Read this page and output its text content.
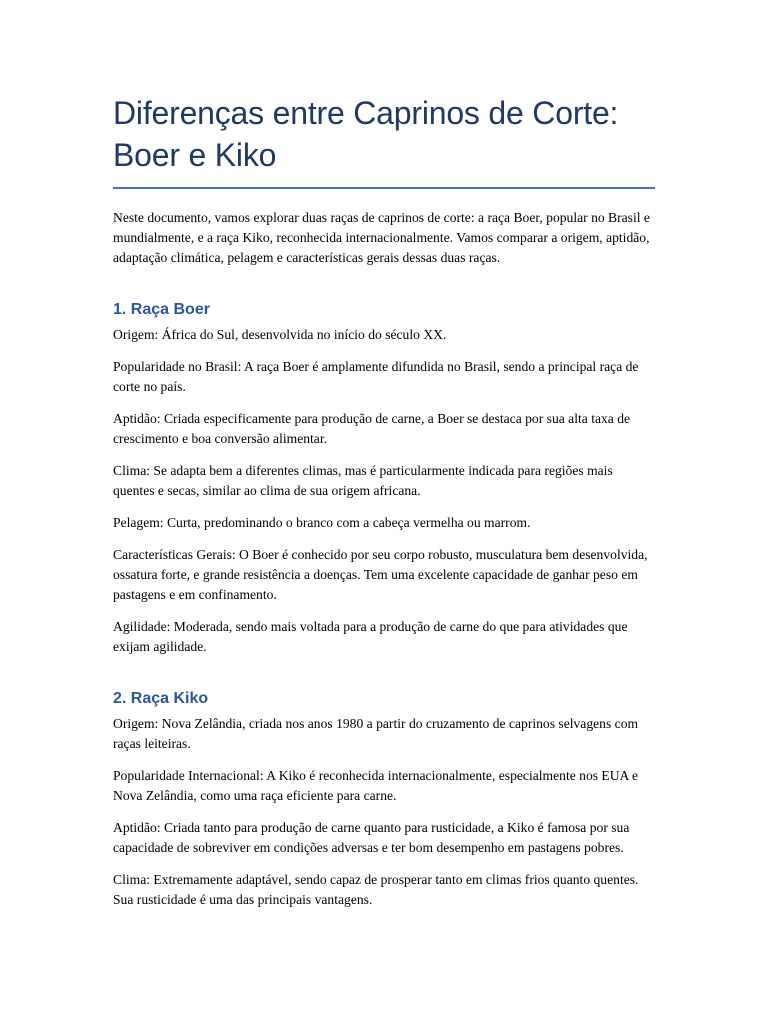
Diferenças entre Caprinos de Corte: Boer e Kiko

Neste documento, vamos explorar duas raças de caprinos de corte: a raça Boer, popular no Brasil e mundialmente, e a raça Kiko, reconhecida internacionalmente. Vamos comparar a origem, aptidão, adaptação climática, pelagem e características gerais dessas duas raças.

1. Raça Boer

Origem: África do Sul, desenvolvida no início do século XX.

Popularidade no Brasil: A raça Boer é amplamente difundida no Brasil, sendo a principal raça de corte no país.

Aptidão: Criada especificamente para produção de carne, a Boer se destaca por sua alta taxa de crescimento e boa conversão alimentar.

Clima: Se adapta bem a diferentes climas, mas é particularmente indicada para regiões mais quentes e secas, similar ao clima de sua origem africana.

Pelagem: Curta, predominando o branco com a cabeça vermelha ou marrom.

Características Gerais: O Boer é conhecido por seu corpo robusto, musculatura bem desenvolvida, ossatura forte, e grande resistência a doenças. Tem uma excelente capacidade de ganhar peso em pastagens e em confinamento.

Agilidade: Moderada, sendo mais voltada para a produção de carne do que para atividades que exijam agilidade.

2. Raça Kiko

Origem: Nova Zelândia, criada nos anos 1980 a partir do cruzamento de caprinos selvagens com raças leiteiras.

Popularidade Internacional: A Kiko é reconhecida internacionalmente, especialmente nos EUA e Nova Zelândia, como uma raça eficiente para carne.

Aptidão: Criada tanto para produção de carne quanto para rusticidade, a Kiko é famosa por sua capacidade de sobreviver em condições adversas e ter bom desempenho em pastagens pobres.

Clima: Extremamente adaptável, sendo capaz de prosperar tanto em climas frios quanto quentes. Sua rusticidade é uma das principais vantagens.
